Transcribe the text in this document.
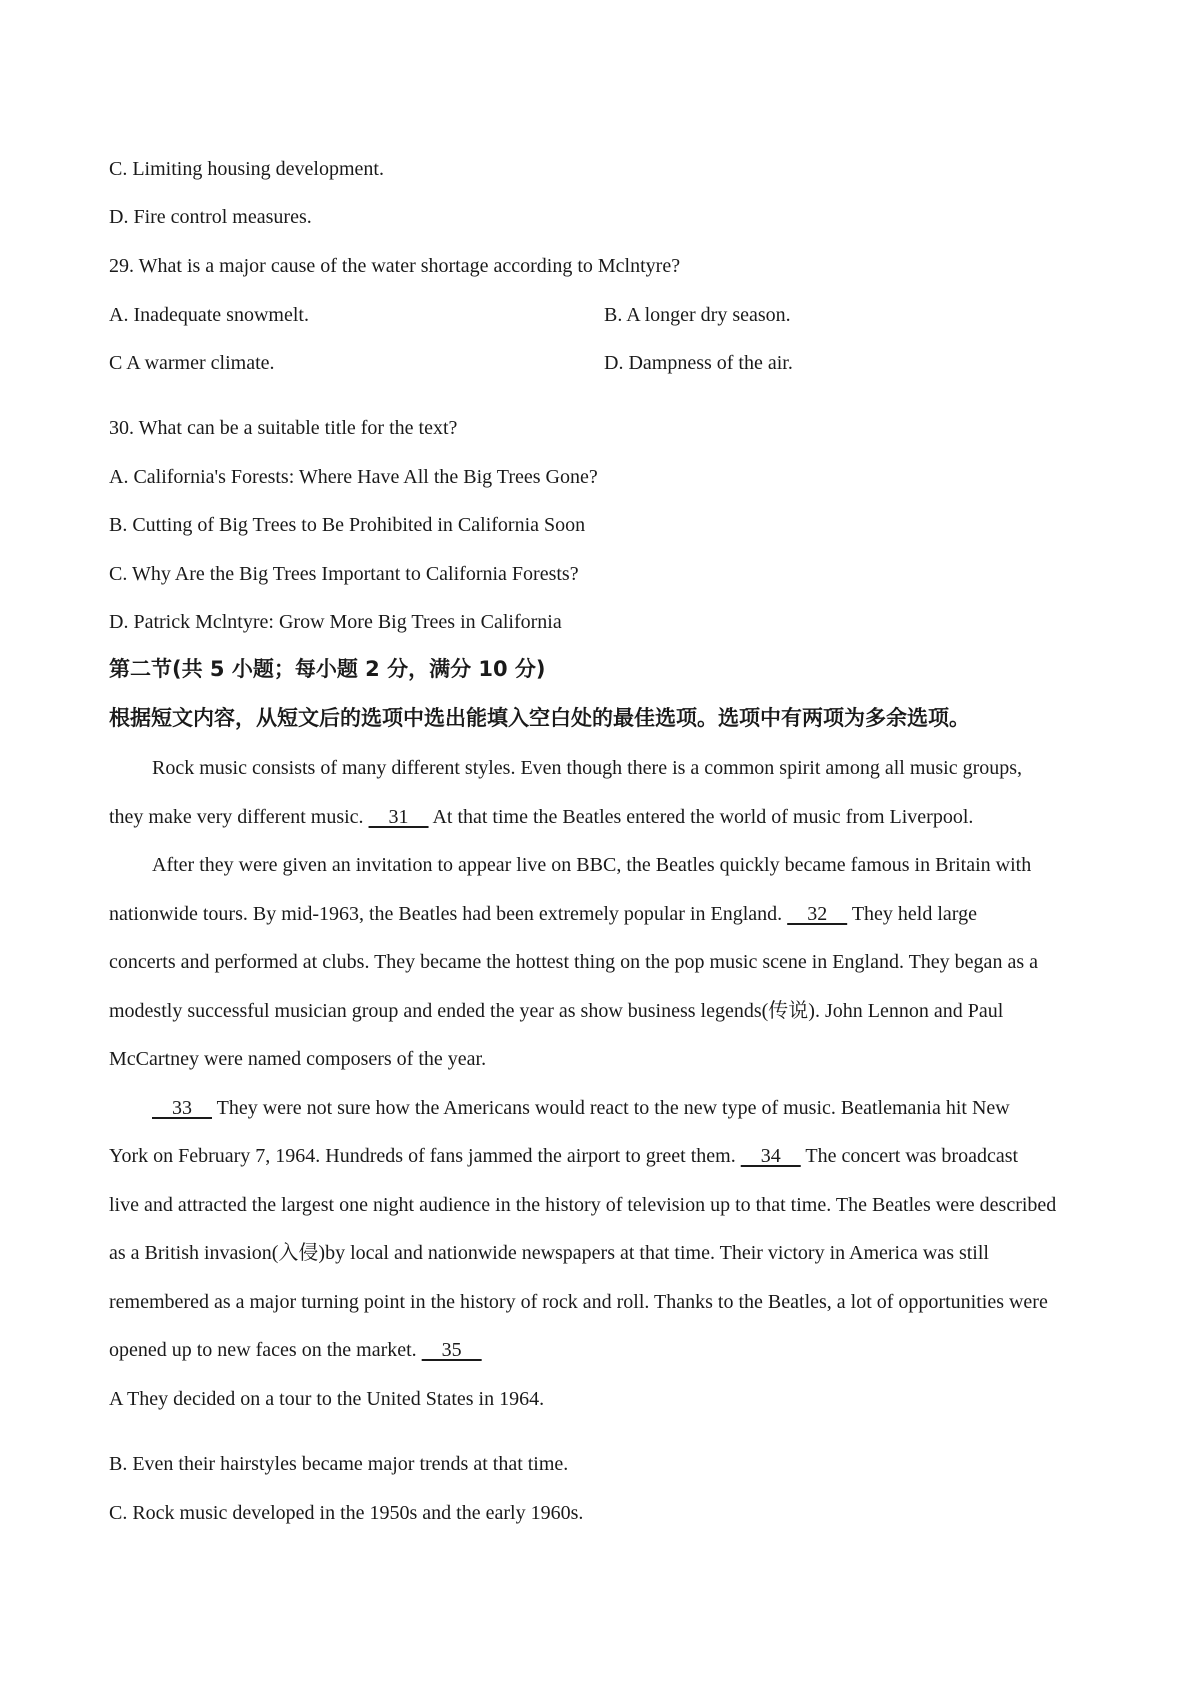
C. Limiting housing development.
D. Fire control measures.
29. What is a major cause of the water shortage according to Mclntyre?
A. Inadequate snowmelt.	B. A longer dry season.
C A warmer climate.	D. Dampness of the air.
30. What can be a suitable title for the text?
A. California's Forests: Where Have All the Big Trees Gone?
B. Cutting of Big Trees to Be Prohibited in California Soon
C. Why Are the Big Trees Important to California Forests?
D. Patrick Mclntyre: Grow More Big Trees in California
第二节(共 5 小题；每小题 2 分，满分 10 分)
根据短文内容，从短文后的选项中选出能填入空白处的最佳选项。选项中有两项为多余选项。
Rock music consists of many different styles. Even though there is a common spirit among all music groups,
they make very different music.     31     At that time the Beatles entered the world of music from Liverpool.
After they were given an invitation to appear live on BBC, the Beatles quickly became famous in Britain with
nationwide tours. By mid-1963, the Beatles had been extremely popular in England.     32     They held large
concerts and performed at clubs. They became the hottest thing on the pop music scene in England. They began as a
modestly successful musician group and ended the year as show business legends(传说). John Lennon and Paul
McCartney were named composers of the year.
33     They were not sure how the Americans would react to the new type of music. Beatlemania hit New
York on February 7, 1964. Hundreds of fans jammed the airport to greet them.     34     The concert was broadcast
live and attracted the largest one night audience in the history of television up to that time. The Beatles were described
as a British invasion(入侵)by local and nationwide newspapers at that time. Their victory in America was still
remembered as a major turning point in the history of rock and roll. Thanks to the Beatles, a lot of opportunities were
opened up to new faces on the market.     35
A They decided on a tour to the United States in 1964.
B. Even their hairstyles became major trends at that time.
C. Rock music developed in the 1950s and the early 1960s.
